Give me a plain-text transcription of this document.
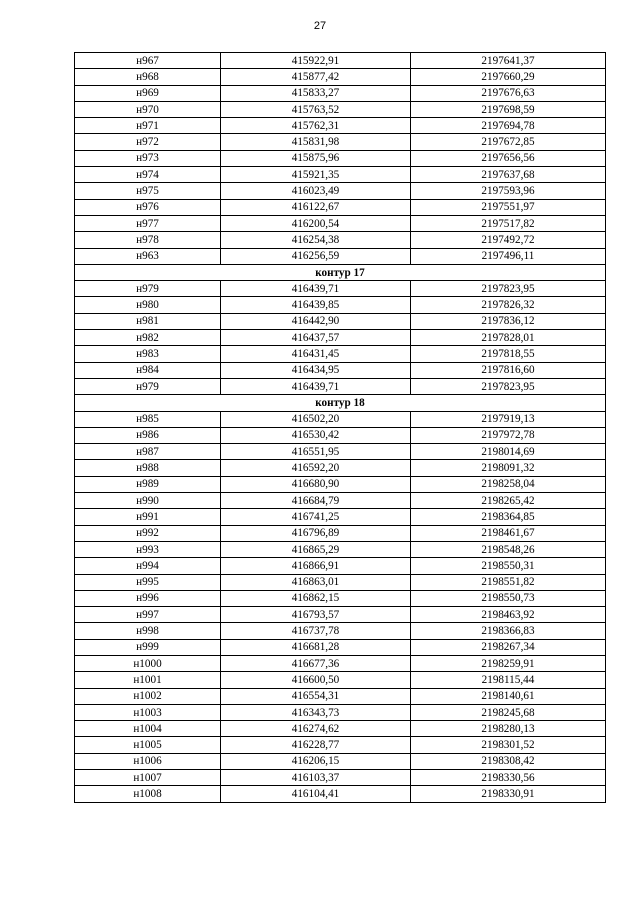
27
н967	415922,91	2197641,37
н968	415877,42	2197660,29
н969	415833,27	2197676,63
н970	415763,52	2197698,59
н971	415762,31	2197694,78
н972	415831,98	2197672,85
н973	415875,96	2197656,56
н974	415921,35	2197637,68
н975	416023,49	2197593,96
н976	416122,67	2197551,97
н977	416200,54	2197517,82
н978	416254,38	2197492,72
н963	416256,59	2197496,11
контур 17		
н979	416439,71	2197823,95
н980	416439,85	2197826,32
н981	416442,90	2197836,12
н982	416437,57	2197828,01
н983	416431,45	2197818,55
н984	416434,95	2197816,60
н979	416439,71	2197823,95
контур 18		
н985	416502,20	2197919,13
н986	416530,42	2197972,78
н987	416551,95	2198014,69
н988	416592,20	2198091,32
н989	416680,90	2198258,04
н990	416684,79	2198265,42
н991	416741,25	2198364,85
н992	416796,89	2198461,67
н993	416865,29	2198548,26
н994	416866,91	2198550,31
н995	416863,01	2198551,82
н996	416862,15	2198550,73
н997	416793,57	2198463,92
н998	416737,78	2198366,83
н999	416681,28	2198267,34
н1000	416677,36	2198259,91
н1001	416600,50	2198115,44
н1002	416554,31	2198140,61
н1003	416343,73	2198245,68
н1004	416274,62	2198280,13
н1005	416228,77	2198301,52
н1006	416206,15	2198308,42
н1007	416103,37	2198330,56
н1008	416104,41	2198330,91
